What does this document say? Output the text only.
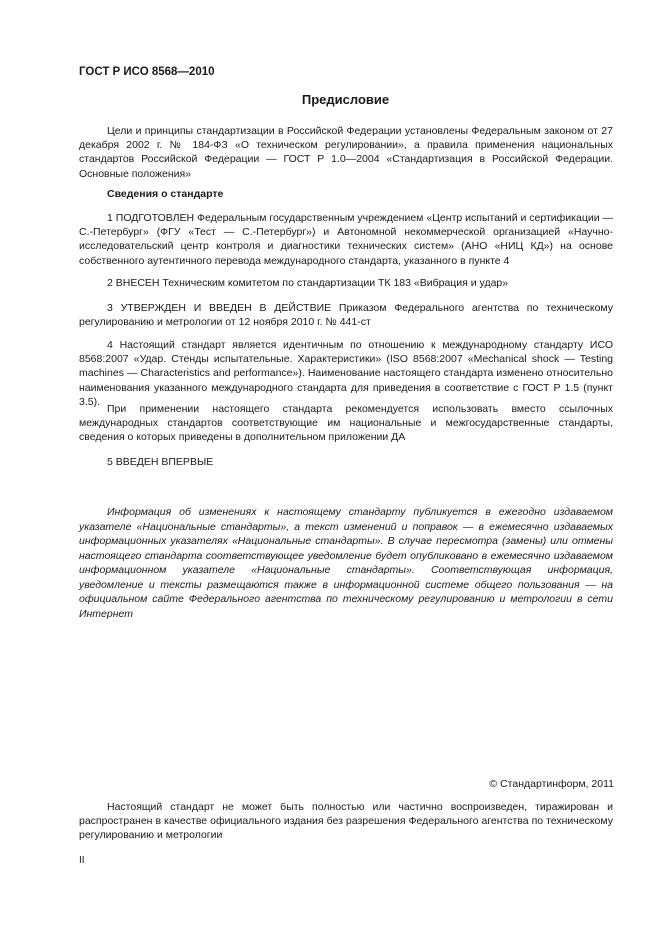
ГОСТ Р ИСО 8568—2010
Предисловие

Цели и принципы стандартизации в Российской Федерации установлены Федеральным законом от 27 декабря 2002 г. № 184-ФЗ «О техническом регулировании», а правила применения национальных стандартов Российской Федерации — ГОСТ Р 1.0—2004 «Стандартизация в Российской Федерации. Основные положения»

Сведения о стандарте

1 ПОДГОТОВЛЕН Федеральным государственным учреждением «Центр испытаний и сертификации — С.-Петербург» (ФГУ «Тест — С.-Петербург») и Автономной некоммерческой организацией «Научно-исследовательский центр контроля и диагностики технических систем» (АНО «НИЦ КД») на основе собственного аутентичного перевода международного стандарта, указанного в пункте 4

2 ВНЕСЕН Техническим комитетом по стандартизации ТК 183 «Вибрация и удар»

3 УТВЕРЖДЕН И ВВЕДЕН В ДЕЙСТВИЕ Приказом Федерального агентства по техническому регулированию и метрологии от 12 ноября 2010 г. № 441-ст

4 Настоящий стандарт является идентичным по отношению к международному стандарту ИСО 8568:2007 «Удар. Стенды испытательные. Характеристики» (ISO 8568:2007 «Mechanical shock — Testing machines — Characteristics and performance»). Наименование настоящего стандарта изменено относительно наименования указанного международного стандарта для приведения в соответствие с ГОСТ Р 1.5 (пункт 3.5).

При применении настоящего стандарта рекомендуется использовать вместо ссылочных международных стандартов соответствующие им национальные и межгосударственные стандарты, сведения о которых приведены в дополнительном приложении ДА

5 ВВЕДЕН ВПЕРВЫЕ

Информация об изменениях к настоящему стандарту публикуется в ежегодно издаваемом указателе «Национальные стандарты», а текст изменений и поправок — в ежемесячно издаваемых информационных указателях «Национальные стандарты». В случае пересмотра (замены) или отмены настоящего стандарта соответствующее уведомление будет опубликовано в ежемесячно издаваемом информационном указателе «Национальные стандарты». Соответствующая информация, уведомление и тексты размещаются также в информационной системе общего пользования — на официальном сайте Федерального агентства по техническому регулированию и метрологии в сети Интернет

© Стандартинформ, 2011

Настоящий стандарт не может быть полностью или частично воспроизведен, тиражирован и распространен в качестве официального издания без разрешения Федерального агентства по техническому регулированию и метрологии

II
